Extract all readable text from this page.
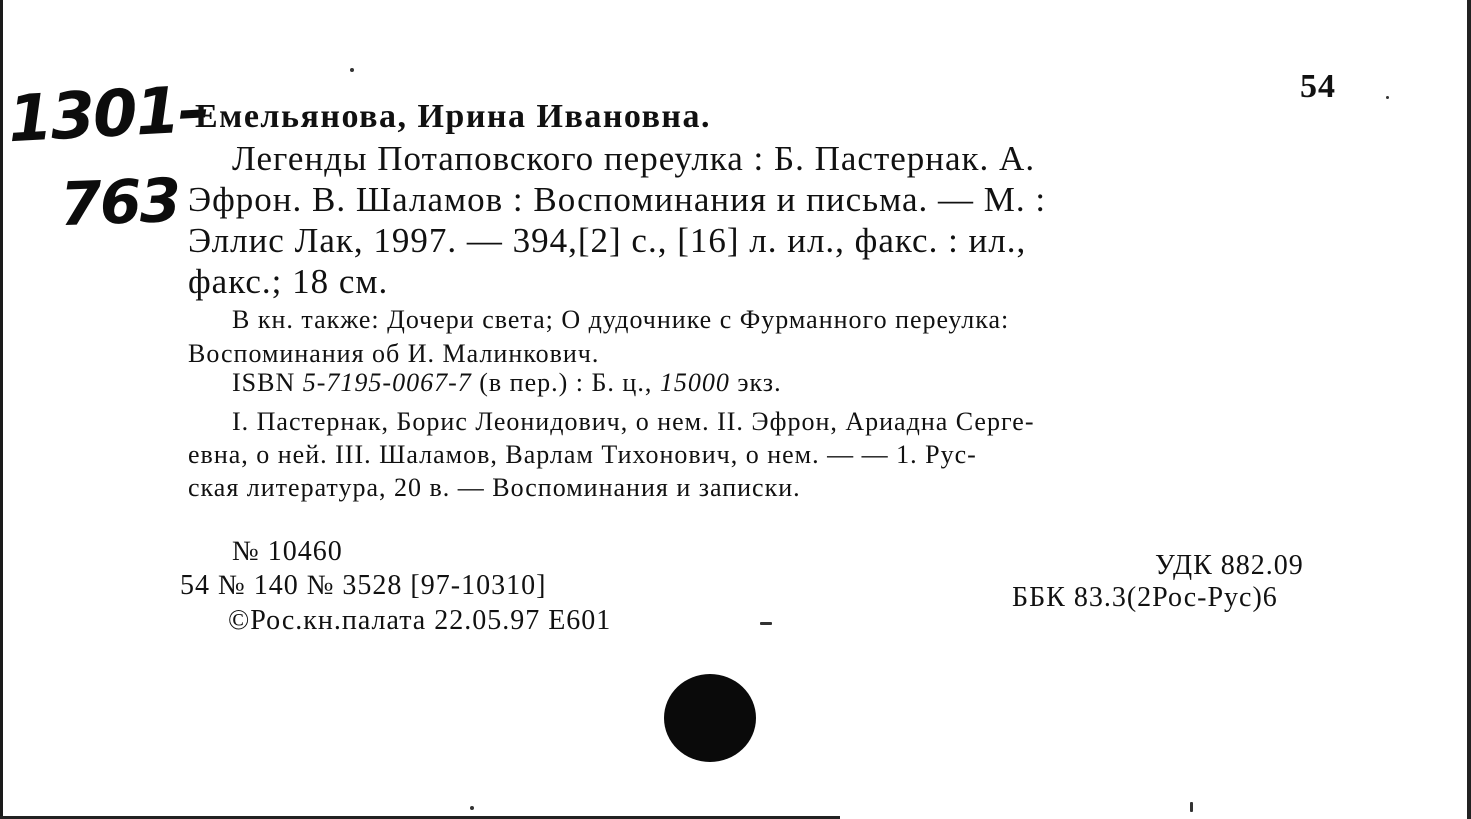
54
1301–
763
Емельянова, Ирина Ивановна.
Легенды Потаповского переулка : Б. Пастернак. А.
Эфрон. В. Шаламов : Воспоминания и письма. — М. :
Эллис Лак, 1997. — 394,[2] с., [16] л. ил., факс. : ил.,
факс.; 18 см.
В кн. также: Дочери света; О дудочнике с Фурманного переулка:
Воспоминания об И. Малинкович.
ISBN 5-7195-0067-7 (в пер.) : Б. ц., 15000 экз.
I. Пастернак, Борис Леонидович, о нем. II. Эфрон, Ариадна Серге-
евна, о ней. III. Шаламов, Варлам Тихонович, о нем. — — 1. Рус-
ская литература, 20 в. — Воспоминания и записки.
№ 10460
54 № 140 № 3528 [97-10310]
©Рос.кн.палата 22.05.97 Е601
УДК 882.09
ББК 83.3(2Рос-Рус)6
